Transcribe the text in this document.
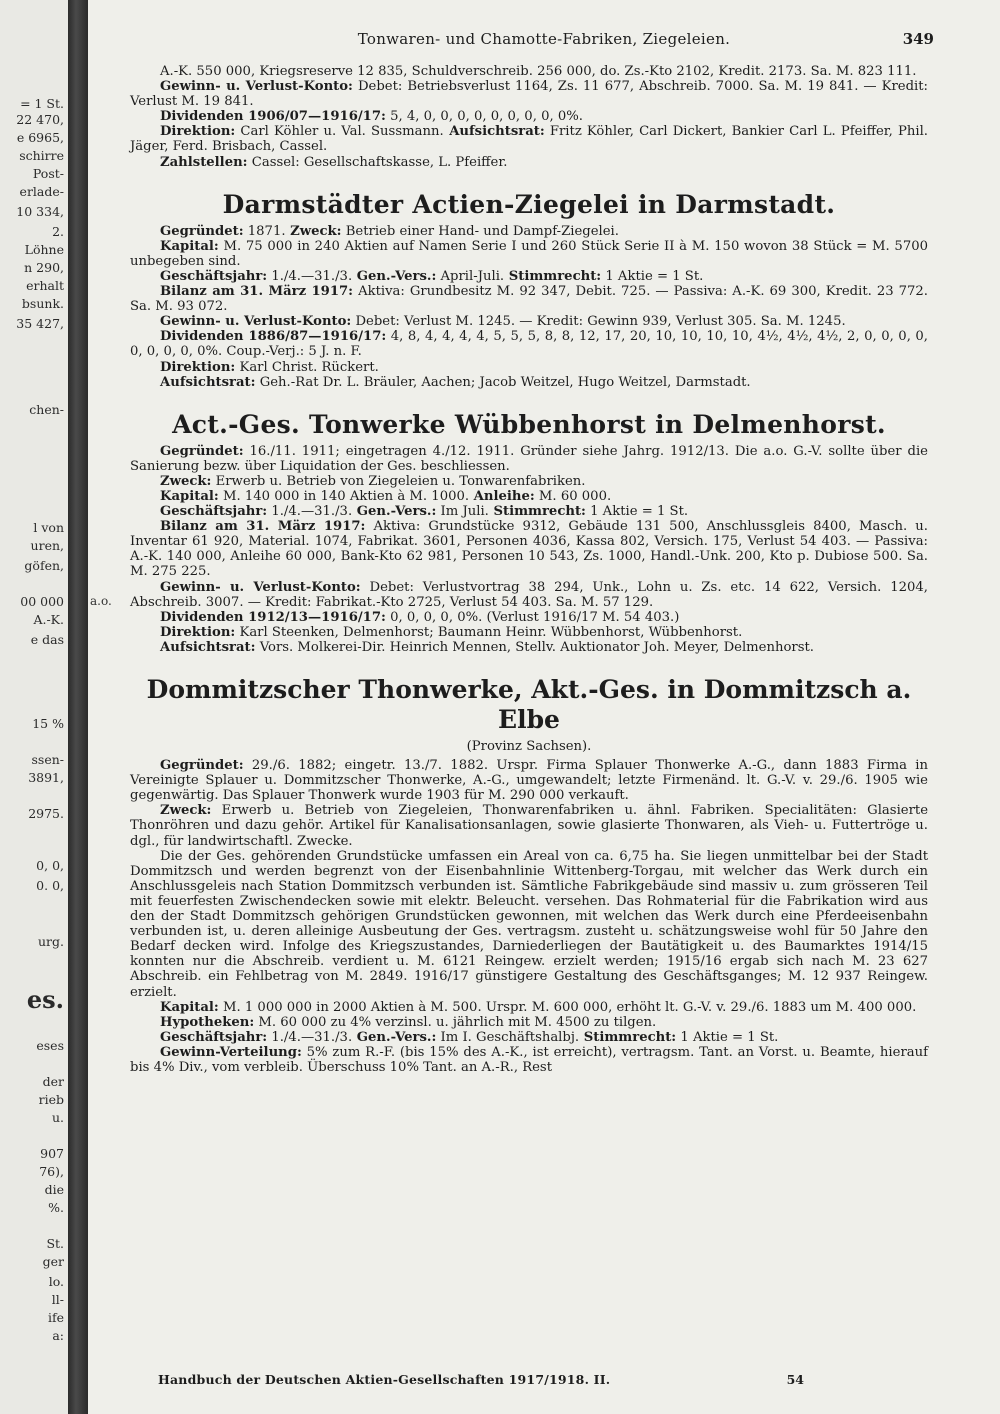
= 1 St.
22 470,
e 6965,
schirre
Post-
erlade-
10 334,
2.
Löhne
n 290,
erhalt
bsunk.
35 427,
chen-
l von
uren,
göfen,
00 000
A.-K.
e das
15 %
ssen-
3891,
2975.
0, 0,
0. 0,
urg.
es.
eses
der
rieb
u.
907
76),
die
%.
St.
ger
lo.
ll-
ife
a:
Tonwaren- und Chamotte-Fabriken, Ziegeleien.	349

A.-K. 550 000, Kriegsreserve 12 835, Schuldverschreib. 256 000, do. Zs.-Kto 2102, Kredit. 2173. Sa. M. 823 111.

Gewinn- u. Verlust-Konto: Debet: Betriebsverlust 1164, Zs. 11 677, Abschreib. 7000. Sa. M. 19 841. — Kredit: Verlust M. 19 841.

Dividenden 1906/07—1916/17: 5, 4, 0, 0, 0, 0, 0, 0, 0, 0, 0%.

Direktion: Carl Köhler u. Val. Sussmann. Aufsichtsrat: Fritz Köhler, Carl Dickert, Bankier Carl L. Pfeiffer, Phil. Jäger, Ferd. Brisbach, Cassel.

Zahlstellen: Cassel: Gesellschaftskasse, L. Pfeiffer.

Darmstädter Actien-Ziegelei in Darmstadt.

Gegründet: 1871. Zweck: Betrieb einer Hand- und Dampf-Ziegelei.

Kapital: M. 75 000 in 240 Aktien auf Namen Serie I und 260 Stück Serie II à M. 150 wovon 38 Stück = M. 5700 unbegeben sind.

Geschäftsjahr: 1./4.—31./3. Gen.-Vers.: April-Juli. Stimmrecht: 1 Aktie = 1 St.

Bilanz am 31. März 1917: Aktiva: Grundbesitz M. 92 347, Debit. 725. — Passiva: A.-K. 69 300, Kredit. 23 772. Sa. M. 93 072.

Gewinn- u. Verlust-Konto: Debet: Verlust M. 1245. — Kredit: Gewinn 939, Verlust 305. Sa. M. 1245.

Dividenden 1886/87—1916/17: 4, 8, 4, 4, 4, 4, 5, 5, 5, 8, 8, 12, 17, 20, 10, 10, 10, 10, 4½, 4½, 4½, 2, 0, 0, 0, 0, 0, 0, 0, 0, 0%. Coup.-Verj.: 5 J. n. F.

Direktion: Karl Christ. Rückert.

Aufsichtsrat: Geh.-Rat Dr. L. Bräuler, Aachen; Jacob Weitzel, Hugo Weitzel, Darmstadt.

Act.-Ges. Tonwerke Wübbenhorst in Delmenhorst.

Gegründet: 16./11. 1911; eingetragen 4./12. 1911. Gründer siehe Jahrg. 1912/13. Die a.o. G.-V. sollte über die Sanierung bezw. über Liquidation der Ges. beschliessen.

Zweck: Erwerb u. Betrieb von Ziegeleien u. Tonwarenfabriken.

Kapital: M. 140 000 in 140 Aktien à M. 1000. Anleihe: M. 60 000.

Geschäftsjahr: 1./4.—31./3. Gen.-Vers.: Im Juli. Stimmrecht: 1 Aktie = 1 St.

Bilanz am 31. März 1917: Aktiva: Grundstücke 9312, Gebäude 131 500, Anschlussgleis 8400, Masch. u. Inventar 61 920, Material. 1074, Fabrikat. 3601, Personen 4036, Kassa 802, Versich. 175, Verlust 54 403. — Passiva: A.-K. 140 000, Anleihe 60 000, Bank-Kto 62 981, Personen 10 543, Zs. 1000, Handl.-Unk. 200, Kto p. Dubiose 500. Sa. M. 275 225.

Gewinn- u. Verlust-Konto: Debet: Verlustvortrag 38 294, Unk., Lohn u. Zs. etc. 14 622, Versich. 1204, Abschreib. 3007. — Kredit: Fabrikat.-Kto 2725, Verlust 54 403. Sa. M. 57 129.

Dividenden 1912/13—1916/17: 0, 0, 0, 0, 0%. (Verlust 1916/17 M. 54 403.)

Direktion: Karl Steenken, Delmenhorst; Baumann Heinr. Wübbenhorst, Wübbenhorst.

Aufsichtsrat: Vors. Molkerei-Dir. Heinrich Mennen, Stellv. Auktionator Joh. Meyer, Delmenhorst.

Dommitzscher Thonwerke, Akt.-Ges. in Dommitzsch a. Elbe
(Provinz Sachsen).

Gegründet: 29./6. 1882; eingetr. 13./7. 1882. Urspr. Firma Splauer Thonwerke A.-G., dann 1883 Firma in Vereinigte Splauer u. Dommitzscher Thonwerke, A.-G., umgewandelt; letzte Firmenänd. lt. G.-V. v. 29./6. 1905 wie gegenwärtig. Das Splauer Thonwerk wurde 1903 für M. 290 000 verkauft.

Zweck: Erwerb u. Betrieb von Ziegeleien, Thonwarenfabriken u. ähnl. Fabriken. Specialitäten: Glasierte Thonröhren und dazu gehör. Artikel für Kanalisationsanlagen, sowie glasierte Thonwaren, als Vieh- u. Futtertröge u. dgl., für landwirtschaftl. Zwecke.

Die der Ges. gehörenden Grundstücke umfassen ein Areal von ca. 6,75 ha. Sie liegen unmittelbar bei der Stadt Dommitzsch und werden begrenzt von der Eisenbahnlinie Wittenberg-Torgau, mit welcher das Werk durch ein Anschlussgeleis nach Station Dommitzsch verbunden ist. Sämtliche Fabrikgebäude sind massiv u. zum grösseren Teil mit feuerfesten Zwischendecken sowie mit elektr. Beleucht. versehen. Das Rohmaterial für die Fabrikation wird aus den der Stadt Dommitzsch gehörigen Grundstücken gewonnen, mit welchen das Werk durch eine Pferdeeisenbahn verbunden ist, u. deren alleinige Ausbeutung der Ges. vertragsm. zusteht u. schätzungsweise wohl für 50 Jahre den Bedarf decken wird. Infolge des Kriegszustandes, Darniederliegen der Bautätigkeit u. des Baumarktes 1914/15 konnten nur die Abschreib. verdient u. M. 6121 Reingew. erzielt werden; 1915/16 ergab sich nach M. 23 627 Abschreib. ein Fehlbetrag von M. 2849. 1916/17 günstigere Gestaltung des Geschäftsganges; M. 12 937 Reingew. erzielt.

Kapital: M. 1 000 000 in 2000 Aktien à M. 500. Urspr. M. 600 000, erhöht lt. G.-V. v. 29./6. 1883 um M. 400 000.

Hypotheken: M. 60 000 zu 4% verzinsl. u. jährlich mit M. 4500 zu tilgen.

Geschäftsjahr: 1./4.—31./3. Gen.-Vers.: Im I. Geschäftshalbj. Stimmrecht: 1 Aktie = 1 St.

Gewinn-Verteilung: 5% zum R.-F. (bis 15% des A.-K., ist erreicht), vertragsm. Tant. an Vorst. u. Beamte, hierauf bis 4% Div., vom verbleib. Überschuss 10% Tant. an A.-R., Rest

a.o.
Handbuch der Deutschen Aktien-Gesellschaften 1917/1918. II.	54
